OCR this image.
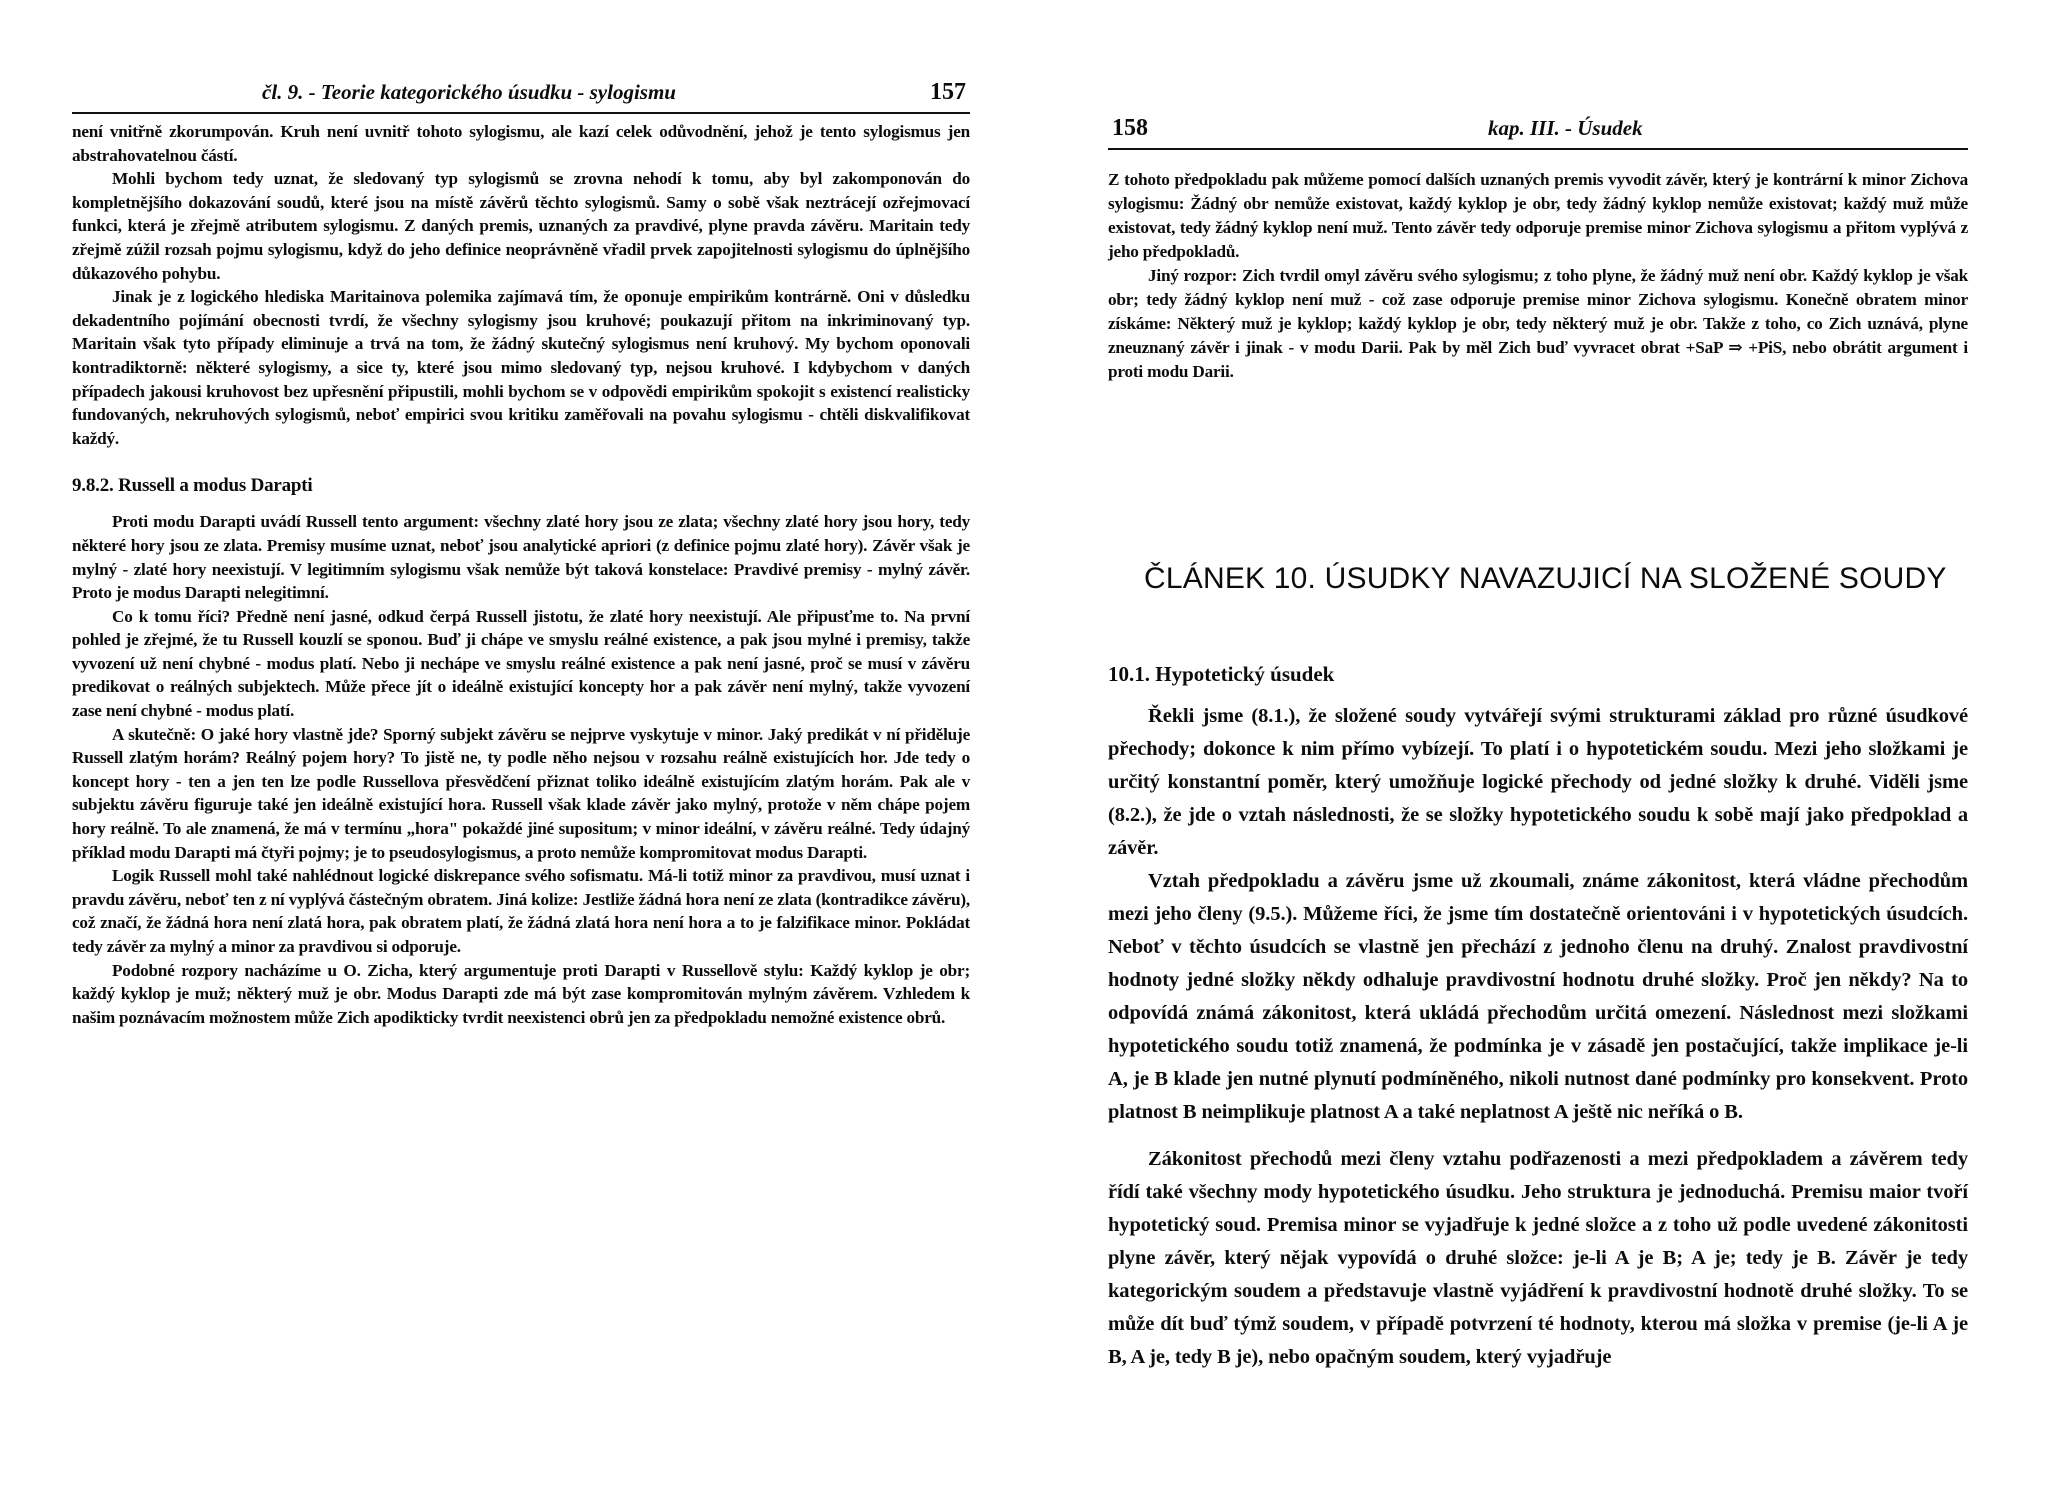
čl. 9. - Teorie kategorického úsudku - sylogismu	157

není vnitřně zkorumpován. Kruh není uvnitř tohoto sylogismu, ale kazí celek odůvodnění, jehož je tento sylogismus jen abstrahovatelnou částí.

Mohli bychom tedy uznat, že sledovaný typ sylogismů se zrovna nehodí k tomu, aby byl zakomponován do kompletnějšího dokazování soudů, které jsou na místě závěrů těchto sylogismů. Samy o sobě však neztrácejí ozřejmovací funkci, která je zřejmě atributem sylogismu. Z daných premis, uznaných za pravdivé, plyne pravda závěru. Maritain tedy zřejmě zúžil rozsah pojmu sylogismu, když do jeho definice neoprávněně vřadil prvek zapojitelnosti sylogismu do úplnějšího důkazového pohybu.

Jinak je z logického hlediska Maritainova polemika zajímavá tím, že oponuje empirikům kontrárně. Oni v důsledku dekadentního pojímání obecnosti tvrdí, že všechny sylogismy jsou kruhové; poukazují přitom na inkriminovaný typ. Maritain však tyto případy eliminuje a trvá na tom, že žádný skutečný sylogismus není kruhový. My bychom oponovali kontradiktorně: některé sylogismy, a sice ty, které jsou mimo sledovaný typ, nejsou kruhové. I kdybychom v daných případech jakousi kruhovost bez upřesnění připustili, mohli bychom se v odpovědi empirikům spokojit s existencí realisticky fundovaných, nekruhových sylogismů, neboť empirici svou kritiku zaměřovali na povahu sylogismu - chtěli diskvalifikovat každý.

9.8.2. Russell a modus Darapti

Proti modu Darapti uvádí Russell tento argument: všechny zlaté hory jsou ze zlata; všechny zlaté hory jsou hory, tedy některé hory jsou ze zlata. Premisy musíme uznat, neboť jsou analytické apriori (z definice pojmu zlaté hory). Závěr však je mylný - zlaté hory neexistují. V legitimním sylogismu však nemůže být taková konstelace: Pravdivé premisy - mylný závěr. Proto je modus Darapti nelegitimní.

Co k tomu říci? Předně není jasné, odkud čerpá Russell jistotu, že zlaté hory neexistují. Ale připusťme to. Na první pohled je zřejmé, že tu Russell kouzlí se sponou. Buď ji chápe ve smyslu reálné existence, a pak jsou mylné i premisy, takže vyvození už není chybné - modus platí. Nebo ji nechápe ve smyslu reálné existence a pak není jasné, proč se musí v závěru predikovat o reálných subjektech. Může přece jít o ideálně existující koncepty hor a pak závěr není mylný, takže vyvození zase není chybné - modus platí.

A skutečně: O jaké hory vlastně jde? Sporný subjekt závěru se nejprve vyskytuje v minor. Jaký predikát v ní přiděluje Russell zlatým horám? Reálný pojem hory? To jistě ne, ty podle něho nejsou v rozsahu reálně existujících hor. Jde tedy o koncept hory - ten a jen ten lze podle Russellova přesvědčení přiznat toliko ideálně existujícím zlatým horám. Pak ale v subjektu závěru figuruje také jen ideálně existující hora. Russell však klade závěr jako mylný, protože v něm chápe pojem hory reálně. To ale znamená, že má v termínu „hora" pokaždé jiné supositum; v minor ideální, v závěru reálné. Tedy údajný příklad modu Darapti má čtyři pojmy; je to pseudosylogismus, a proto nemůže kompromitovat modus Darapti.

Logik Russell mohl také nahlédnout logické diskrepance svého sofismatu. Má-li totiž minor za pravdivou, musí uznat i pravdu závěru, neboť ten z ní vyplývá částečným obratem. Jiná kolize: Jestliže žádná hora není ze zlata (kontradikce závěru), což značí, že žádná hora není zlatá hora, pak obratem platí, že žádná zlatá hora není hora a to je falzifikace minor. Pokládat tedy závěr za mylný a minor za pravdivou si odporuje.

Podobné rozpory nacházíme u O. Zicha, který argumentuje proti Darapti v Russellově stylu: Každý kyklop je obr; každý kyklop je muž; některý muž je obr. Modus Darapti zde má být zase kompromitován mylným závěrem. Vzhledem k našim poznávacím možnostem může Zich apodikticky tvrdit neexistenci obrů jen za předpokladu nemožné existence obrů.

158	kap. III. - Úsudek

Z tohoto předpokladu pak můžeme pomocí dalších uznaných premis vyvodit závěr, který je kontrární k minor Zichova sylogismu: Žádný obr nemůže existovat, každý kyklop je obr, tedy žádný kyklop nemůže existovat; každý muž může existovat, tedy žádný kyklop není muž. Tento závěr tedy odporuje premise minor Zichova sylogismu a přitom vyplývá z jeho předpokladů.

Jiný rozpor: Zich tvrdil omyl závěru svého sylogismu; z toho plyne, že žádný muž není obr. Každý kyklop je však obr; tedy žádný kyklop není muž - což zase odporuje premise minor Zichova sylogismu. Konečně obratem minor získáme: Některý muž je kyklop; každý kyklop je obr, tedy některý muž je obr. Takže z toho, co Zich uznává, plyne zneuznaný závěr i jinak - v modu Darii. Pak by měl Zich buď vyvracet obrat +SaP ⇒ +PiS, nebo obrátit argument i proti modu Darii.

ČLÁNEK 10. ÚSUDKY NAVAZUJICÍ NA SLOŽENÉ SOUDY
10.1. Hypotetický úsudek

Řekli jsme (8.1.), že složené soudy vytvářejí svými strukturami základ pro různé úsudkové přechody; dokonce k nim přímo vybízejí. To platí i o hypotetickém soudu. Mezi jeho složkami je určitý konstantní poměr, který umožňuje logické přechody od jedné složky k druhé. Viděli jsme (8.2.), že jde o vztah následnosti, že se složky hypotetického soudu k sobě mají jako předpoklad a závěr.

Vztah předpokladu a závěru jsme už zkoumali, známe zákonitost, která vládne přechodům mezi jeho členy (9.5.). Můžeme říci, že jsme tím dostatečně orientováni i v hypotetických úsudcích. Neboť v těchto úsudcích se vlastně jen přechází z jednoho členu na druhý. Znalost pravdivostní hodnoty jedné složky někdy odhaluje pravdivostní hodnotu druhé složky. Proč jen někdy? Na to odpovídá známá zákonitost, která ukládá přechodům určitá omezení. Následnost mezi složkami hypotetického soudu totiž znamená, že podmínka je v zásadě jen postačující, takže implikace je-li A, je B klade jen nutné plynutí podmíněného, nikoli nutnost dané podmínky pro konsekvent. Proto platnost B neimplikuje platnost A a také neplatnost A ještě nic neříká o B.

Zákonitost přechodů mezi členy vztahu podřazenosti a mezi předpokladem a závěrem tedy řídí také všechny mody hypotetického úsudku. Jeho struktura je jednoduchá. Premisu maior tvoří hypotetický soud. Premisa minor se vyjadřuje k jedné složce a z toho už podle uvedené zákonitosti plyne závěr, který nějak vypovídá o druhé složce: je-li A je B; A je; tedy je B. Závěr je tedy kategorickým soudem a představuje vlastně vyjádření k pravdivostní hodnotě druhé složky. To se může dít buď týmž soudem, v případě potvrzení té hodnoty, kterou má složka v premise (je-li A je B, A je, tedy B je), nebo opačným soudem, který vyjadřuje
